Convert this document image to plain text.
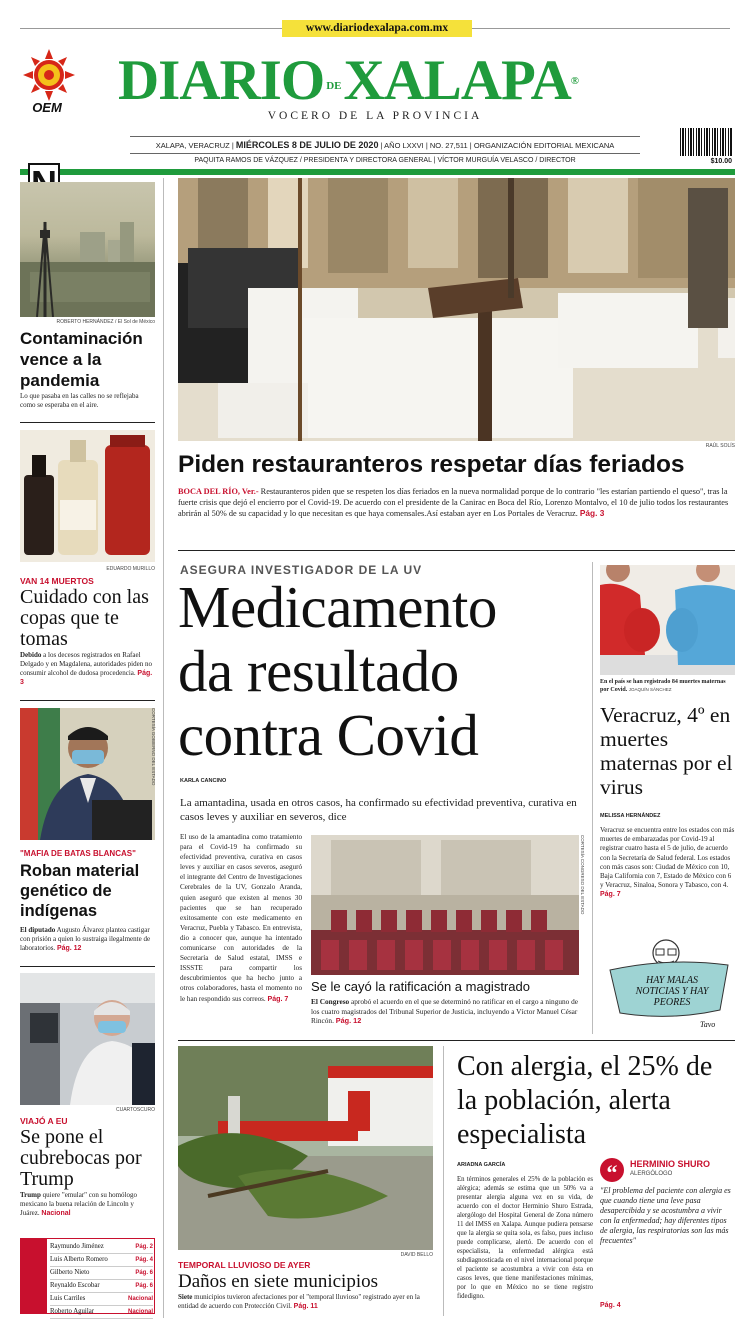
www.diariodexalapa.com.mx
OEM DIARIO DEXALAPA®
VOCERO DE LA PROVINCIA
XALAPA, VERACRUZ | MIÉRCOLES 8 DE JULIO DE 2020 | AÑO LXXVI | NO. 27,511 | ORGANIZACIÓN EDITORIAL MEXICANA
PAQUITA RAMOS DE VÁZQUEZ / PRESIDENTA Y DIRECTORA GENERAL | VÍCTOR MURGUÍA VELASCO / DIRECTOR	$10.00
ROBERTO HERNÁNDEZ / El Sol de México
Contaminación vence a la pandemia
Lo que pasaba en las calles no se reflejaba como se esperaba en el aire.
EDUARDO MURILLO
VAN 14 MUERTOS
Cuidado con las copas que te tomas
Debido a los decesos registrados en Rafael Delgado y en Magdalena, autoridades piden no consumir alcohol de dudosa procedencia. Pág. 3
CORTESÍA GOBIERNO DEL ESTADO
"MAFIA DE BATAS BLANCAS"
Roban material genético de indígenas
El diputado Augusto Álvarez plantea castigar con prisión a quien lo sustraiga ilegalmente de laboratorios. Pág. 12
CUARTOSCURO
VIAJÓ A EU
Se pone el cubrebocas por Trump
Trump quiere "emular" con su homólogo mexicano la buena relación de Lincoln y Juárez. Nacional
Raymundo Jiménez	Pág. 2
Luis Alberto Romero	Pág. 4
Gilberto Nieto	Pág. 6
Reynaldo Escobar	Pág. 6
Luis Carriles	Nacional
Roberto Aguilar	Nacional
RAÚL SOLÍS
Piden restauranteros respetar días feriados
BOCA DEL RÍO, Ver.- Restauranteros piden que se respeten los días feriados en la nueva normalidad porque de lo contrario "les estarían partiendo el queso", tras la fuerte crisis que dejó el encierro por el Covid-19. De acuerdo con el presidente de la Canirac en Boca del Río, Lorenzo Montalvo, el 10 de julio todos los restaurantes abrirán al 50% de su capacidad y lo que necesitan es que haya comensales.Así estaban ayer en Los Portales de Veracruz. Pág. 3
ASEGURA INVESTIGADOR DE LA UV
Medicamento
da resultado
contra Covid
KARLA CANCINO
La amantadina, usada en otros casos, ha confirmado su efectividad preventiva, curativa en casos leves y auxiliar en severos, dice
El uso de la amantadina como tratamiento para el Covid-19 ha confirmado su efectividad preventiva, curativa en casos leves y auxiliar en casos severos, aseguró el integrante del Centro de Investigaciones Cerebrales de la UV, Gonzalo Aranda, quien aseguró que existen al menos 30 pacientes que se han recuperado exitosamente con este medicamento en Veracruz, Puebla y Tabasco. En entrevista, dio a conocer que, aunque ha intentado comunicarse con autoridades de la Secretaría de Salud estatal, IMSS e ISSSTE para compartir los descubrimientos que ha hecho junto a otros colaboradores, hasta el momento no le han respondido sus correos. Pág. 7
CORTESÍA CONGRESO DEL ESTADO
Se le cayó la ratificación a magistrado
El Congreso aprobó el acuerdo en el que se determinó no ratificar en el cargo a ninguno de los cuatro magistrados del Tribunal Superior de Justicia, incluyendo a Víctor Manuel César Rincón. Pág. 12
En el país se han registrado 84 muertes maternas por Covid. JOAQUÍN SÁNCHEZ
Veracruz, 4º en muertes maternas por el virus
MELISSA HERNÁNDEZ
Veracruz se encuentra entre los estados con más muertes de embarazadas por Covid-19 al registrar cuatro hasta el 5 de julio, de acuerdo con la Secretaría de Salud federal. Los estados con más casos son: Ciudad de México con 10, Baja California con 7, Estado de México con 6 y Veracruz, Sinaloa, Sonora y Tabasco, con 4. Pág. 7
HAY MALAS NOTICIAS Y HAY PEORES
Tavo
DAVID BELLO
TEMPORAL LLUVIOSO DE AYER
Daños en siete municipios
Siete municipios tuvieron afectaciones por el "temporal lluvioso" registrado ayer en la entidad de acuerdo con Protección Civil. Pág. 11
Con alergia, el 25% de la población, alerta especialista
ARIADNA GARCÍA
En términos generales el 25% de la población es alérgica; además se estima que un 50% va a presentar alergia alguna vez en su vida, de acuerdo con el doctor Herminio Shuro Estrada, alergólogo del Hospital General de Zona número 11 del IMSS en Xalapa. Aunque pudiera pensarse que la alergia se quita sola, es falso, pues incluso puede complicarse, alertó. De acuerdo con el especialista, la enfermedad alérgica está subdiagnosticada en el nivel internacional porque el paciente se acostumbra a vivir con ésta en casos leves, que tiene manifestaciones mínimas, por lo que en México no se tiene registro fidedigno.
“	HERMINIO SHURO
ALERGÓLOGO
"El problema del paciente con alergia es que cuando tiene una leve pasa desapercibida y se acostumbra a vivir con la enfermedad; hay diferentes tipos de alergia, las respiratorias son las más frecuentes"
Pág. 4
